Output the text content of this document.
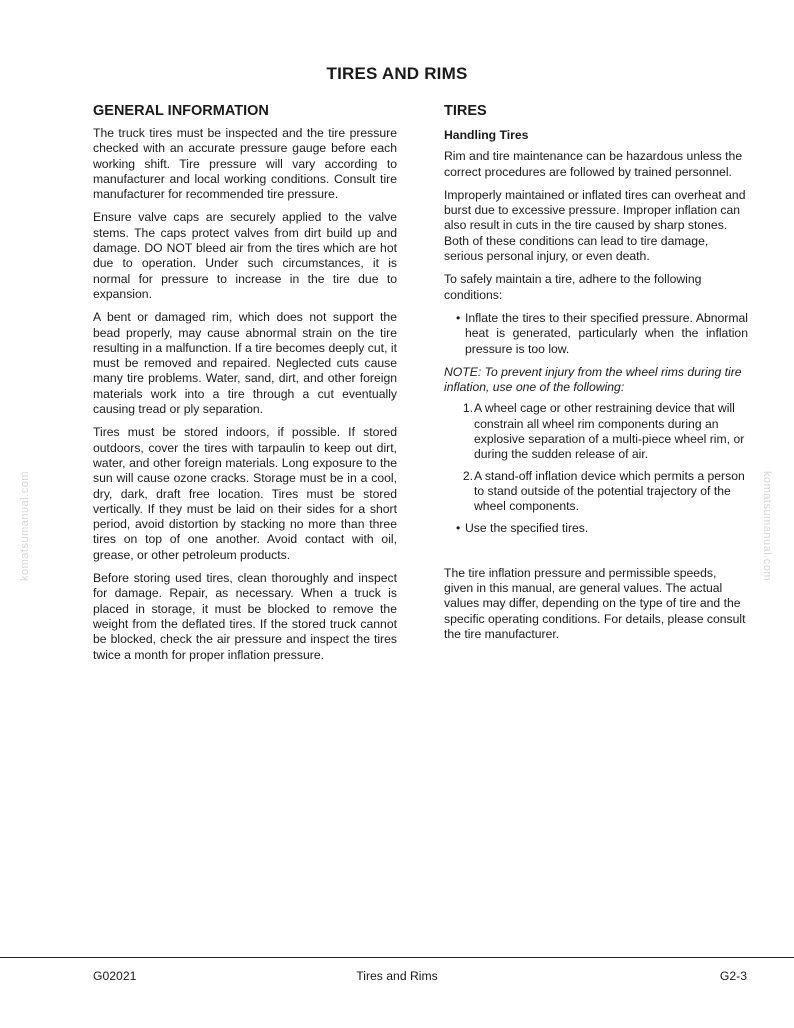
TIRES AND RIMS
komatsumanual.com	komatsumanual.com
GENERAL INFORMATION

The truck tires must be inspected and the tire pressure checked with an accurate pressure gauge before each working shift. Tire pressure will vary according to manufacturer and local working conditions. Consult tire manufacturer for recommended tire pressure.

Ensure valve caps are securely applied to the valve stems. The caps protect valves from dirt build up and damage. DO NOT bleed air from the tires which are hot due to operation. Under such circumstances, it is normal for pressure to increase in the tire due to expansion.

A bent or damaged rim, which does not support the bead properly, may cause abnormal strain on the tire resulting in a malfunction. If a tire becomes deeply cut, it must be removed and repaired. Neglected cuts cause many tire problems. Water, sand, dirt, and other foreign materials work into a tire through a cut eventually causing tread or ply separation.

Tires must be stored indoors, if possible. If stored outdoors, cover the tires with tarpaulin to keep out dirt, water, and other foreign materials. Long exposure to the sun will cause ozone cracks. Storage must be in a cool, dry, dark, draft free location. Tires must be stored vertically. If they must be laid on their sides for a short period, avoid distortion by stacking no more than three tires on top of one another. Avoid contact with oil, grease, or other petroleum products.

Before storing used tires, clean thoroughly and inspect for damage. Repair, as necessary. When a truck is placed in storage, it must be blocked to remove the weight from the deflated tires. If the stored truck cannot be blocked, check the air pressure and inspect the tires twice a month for proper inflation pressure.

TIRES
Handling Tires

Rim and tire maintenance can be hazardous unless the correct procedures are followed by trained personnel.

Improperly maintained or inflated tires can overheat and burst due to excessive pressure. Improper inflation can also result in cuts in the tire caused by sharp stones. Both of these conditions can lead to tire damage, serious personal injury, or even death.

To safely maintain a tire, adhere to the following conditions:

• Inflate the tires to their specified pressure. Abnormal heat is generated, particularly when the inflation pressure is too low.
NOTE: To prevent injury from the wheel rims during tire inflation, use one of the following:
1. A wheel cage or other restraining device that will constrain all wheel rim components during an explosive separation of a multi-piece wheel rim, or during the sudden release of air.
2. A stand-off inflation device which permits a person to stand outside of the potential trajectory of the wheel components.
• Use the specified tires.

The tire inflation pressure and permissible speeds, given in this manual, are general values. The actual values may differ, depending on the type of tire and the specific operating conditions. For details, please consult the tire manufacturer.

G02021	Tires and Rims	G2-3
